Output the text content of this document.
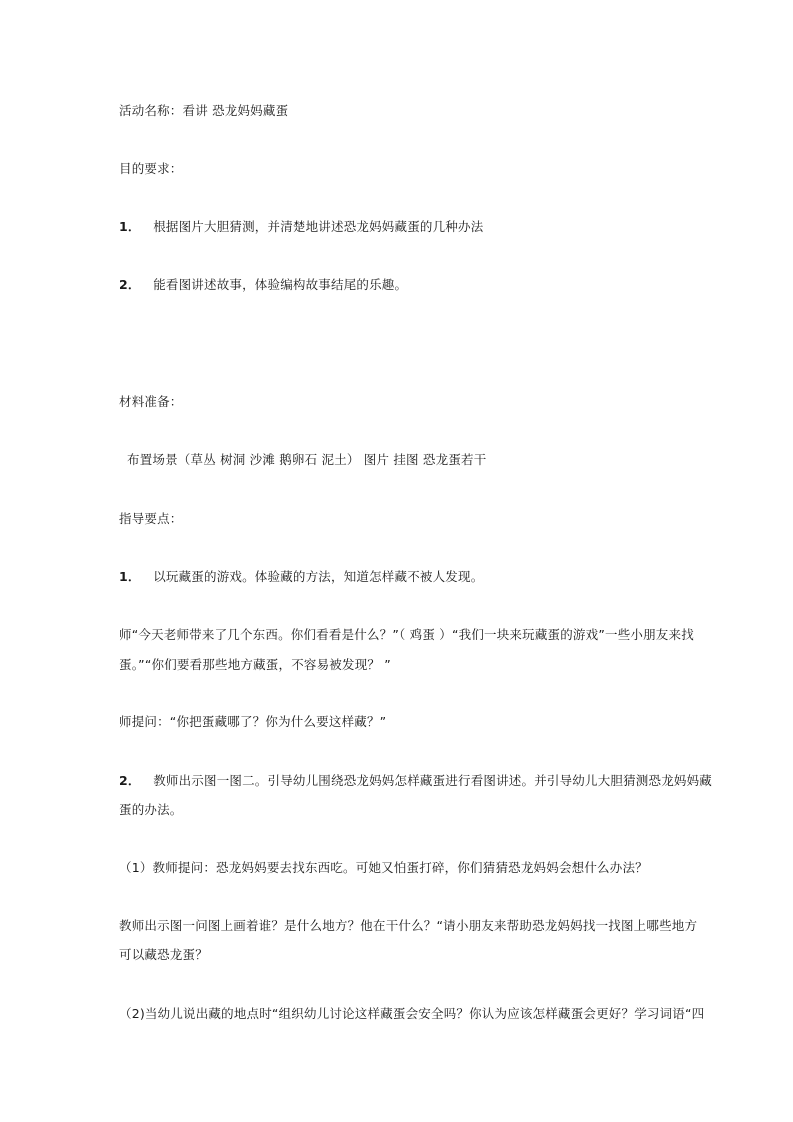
活动名称：看讲 恐龙妈妈藏蛋
目的要求：
1． 根据图片大胆猜测，并清楚地讲述恐龙妈妈藏蛋的几种办法
2． 能看图讲述故事，体验编构故事结尾的乐趣。
材料准备：
布置场景（草丛 树洞 沙滩 鹅卵石 泥土） 图片 挂图 恐龙蛋若干
指导要点：
1． 以玩藏蛋的游戏。体验藏的方法，知道怎样藏不被人发现。
师“今天老师带来了几个东西。你们看看是什么？”（ 鸡蛋 ）“我们一块来玩藏蛋的游戏”一些小朋友来找
蛋。”“你们要看那些地方藏蛋，不容易被发现？ ”
师提问：“你把蛋藏哪了？你为什么要这样藏？”
2． 教师出示图一图二。引导幼儿围绕恐龙妈妈怎样藏蛋进行看图讲述。并引导幼儿大胆猜测恐龙妈妈藏
蛋的办法。
（1）教师提问：恐龙妈妈要去找东西吃。可她又怕蛋打碎，你们猜猜恐龙妈妈会想什么办法？
教师出示图一问图上画着谁？是什么地方？他在干什么？“请小朋友来帮助恐龙妈妈找一找图上哪些地方
可以藏恐龙蛋？
（2)当幼儿说出藏的地点时“组织幼儿讨论这样藏蛋会安全吗？你认为应该怎样藏蛋会更好？学习词语“四
